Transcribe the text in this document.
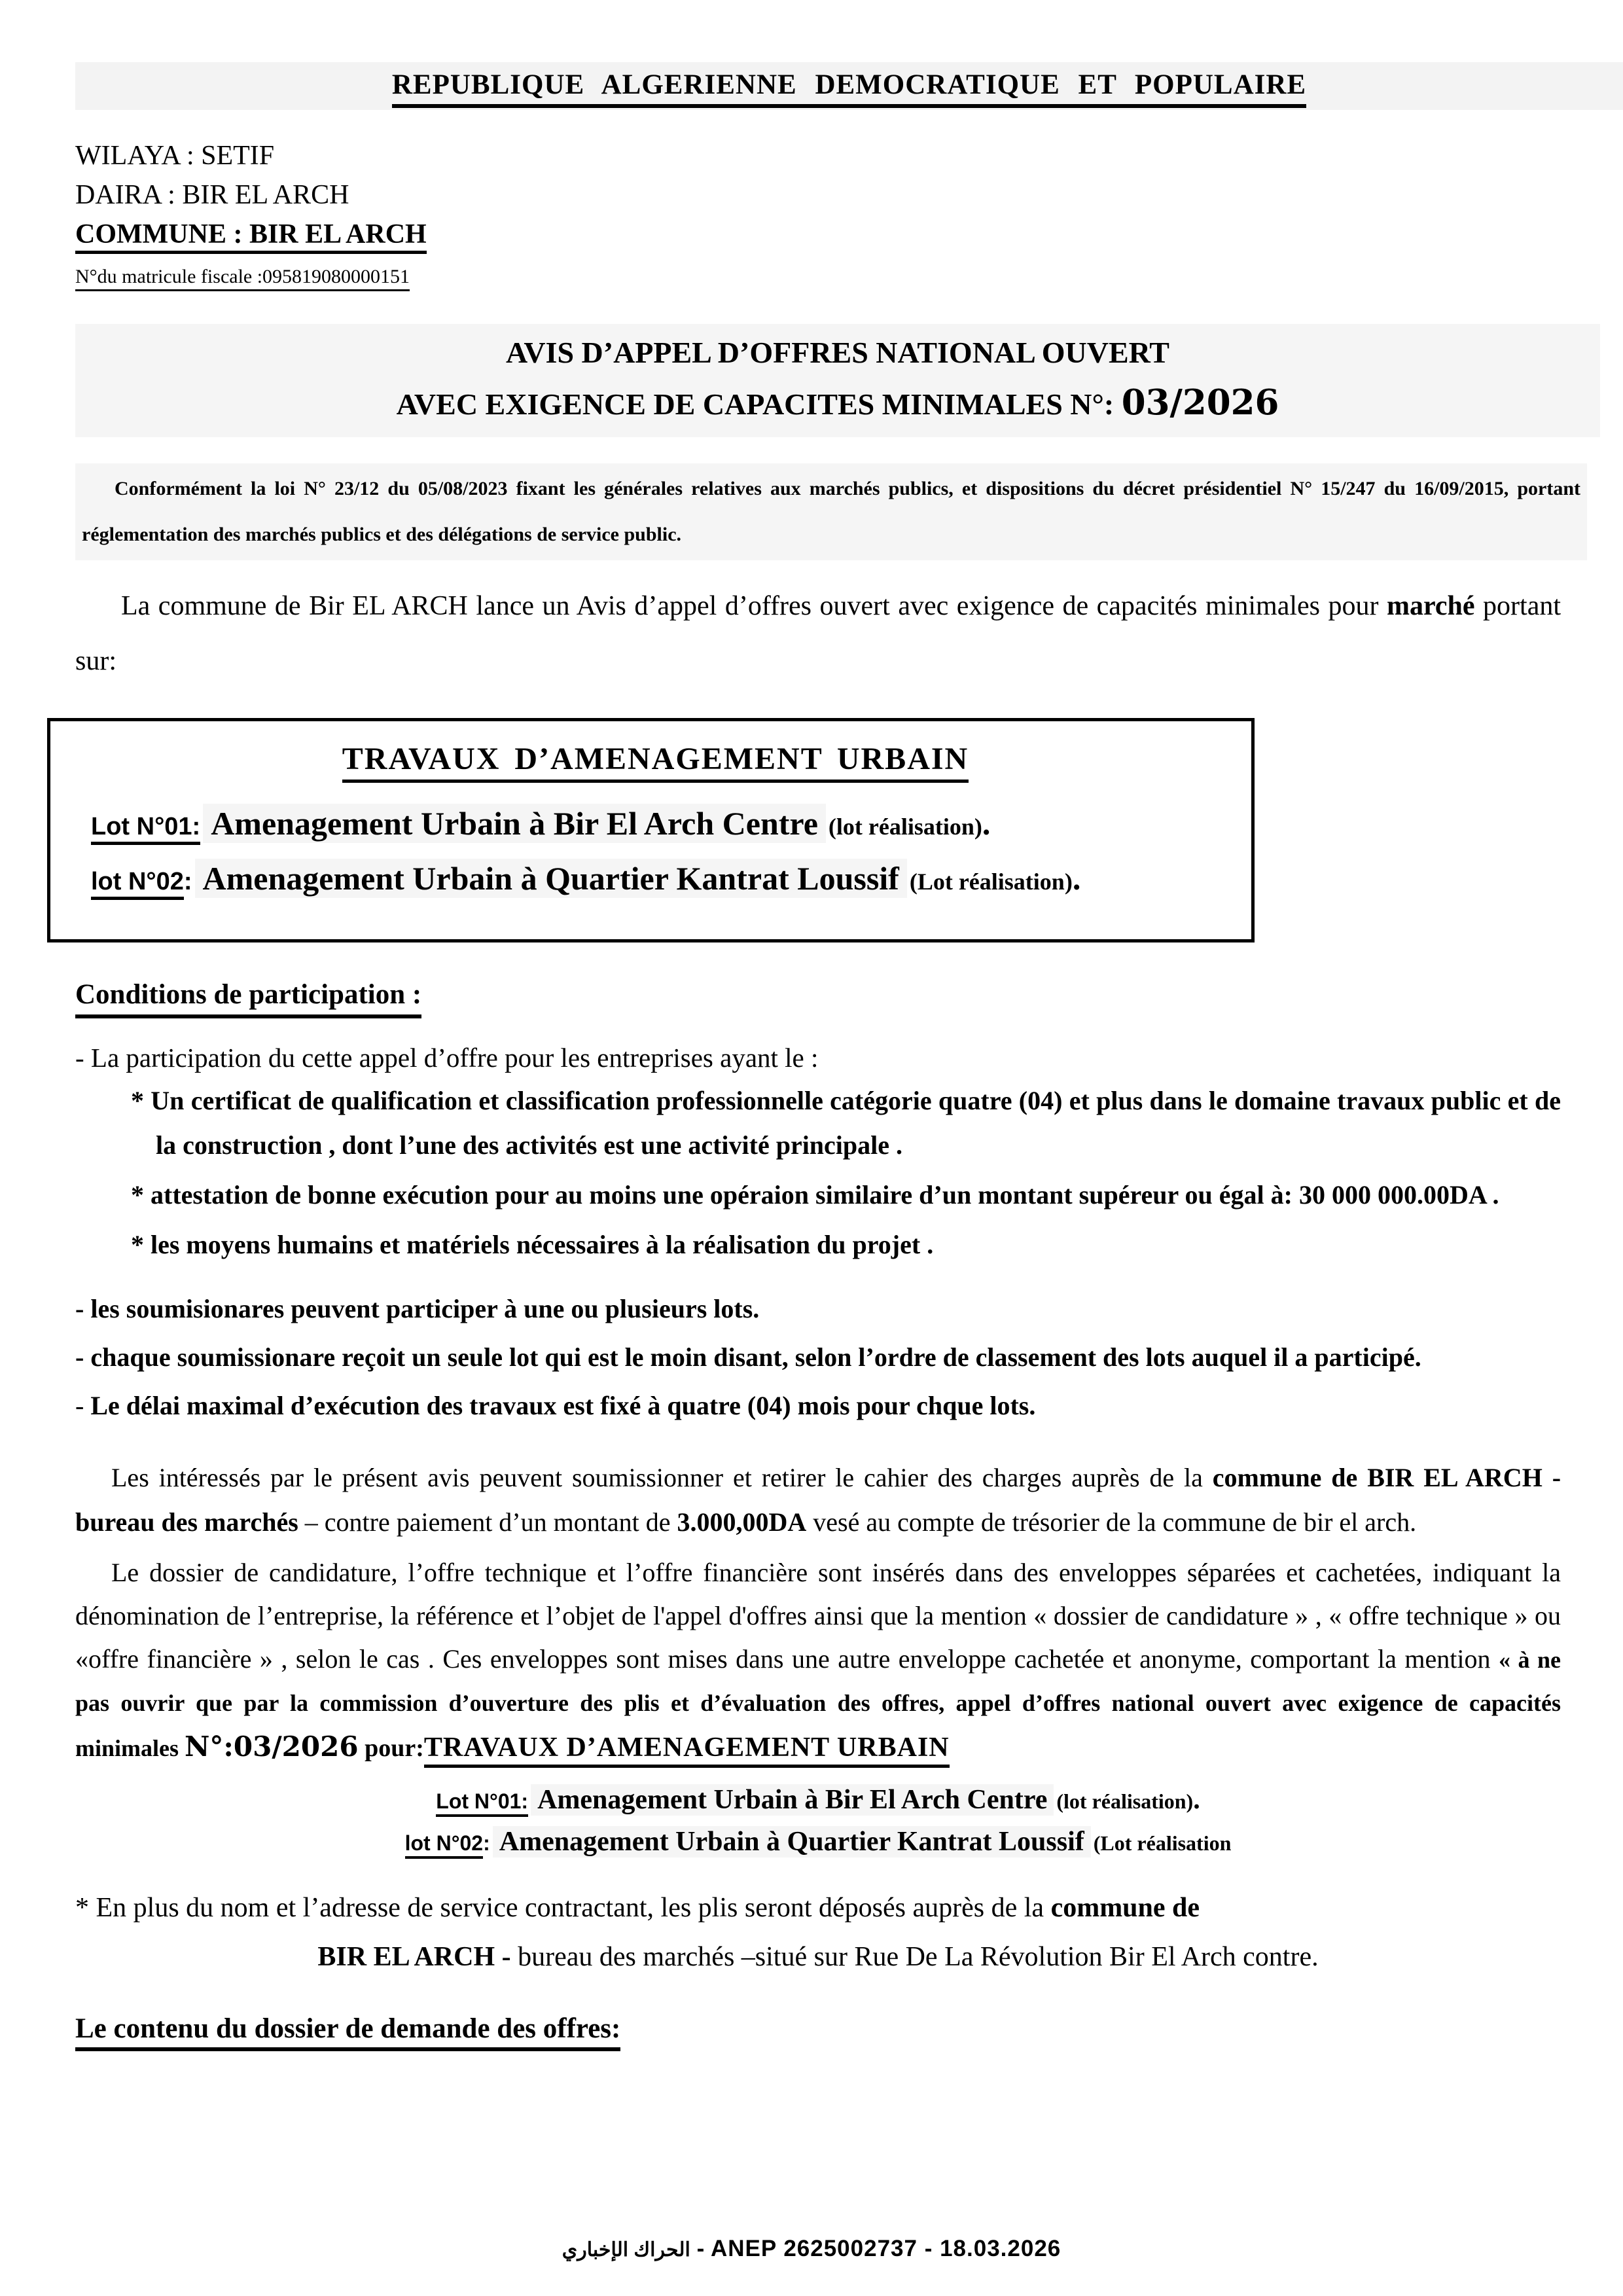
REPUBLIQUE ALGERIENNE DEMOCRATIQUE ET POPULAIRE
WILAYA : SETIF
DAIRA : BIR EL ARCH
COMMUNE : BIR EL ARCH
N°du matricule fiscale :095819080000151
AVIS D’APPEL D’OFFRES NATIONAL OUVERT
AVEC EXIGENCE DE CAPACITES MINIMALES N°: 03/2026
Conformément la loi N° 23/12 du 05/08/2023 fixant les générales relatives aux marchés publics, et dispositions du décret présidentiel N° 15/247 du 16/09/2015, portant réglementation des marchés publics et des délégations de service public.
La commune de Bir EL ARCH lance un Avis d’appel d’offres ouvert avec exigence de capacités minimales pour marché portant sur:
TRAVAUX D’AMENAGEMENT URBAIN
Lot N°01: Amenagement Urbain à Bir El Arch Centre (lot réalisation).
lot N°02: Amenagement Urbain à Quartier Kantrat Loussif (Lot réalisation).
Conditions de participation :
- La participation du cette appel d’offre pour les entreprises ayant le :
* Un certificat de qualification et classification professionnelle catégorie quatre (04) et plus dans le domaine travaux public et de la construction , dont l’une des activités est une activité principale .
* attestation de bonne exécution pour au moins une opéraion similaire d’un montant supéreur ou égal à: 30 000 000.00DA .
* les moyens humains et matériels nécessaires à la réalisation du projet .
- les soumisionares peuvent participer à une ou plusieurs lots.
- chaque soumissionare reçoit un seule lot qui est le moin disant, selon l’ordre de classement des lots auquel il a participé.
- Le délai maximal d’exécution des travaux est fixé à quatre (04) mois pour chque lots.
Les intéressés par le présent avis peuvent soumissionner et retirer le cahier des charges auprès de la commune de BIR EL ARCH - bureau des marchés – contre paiement d’un montant de 3.000,00DA vesé au compte de trésorier de la commune de bir el arch.
Le dossier de candidature, l’offre technique et l’offre financière sont insérés dans des enveloppes séparées et cachetées, indiquant la dénomination de l’entreprise, la référence et l’objet de l'appel d'offres ainsi que la mention « dossier de candidature » , « offre technique » ou «offre financière » , selon le cas . Ces enveloppes sont mises dans une autre enveloppe cachetée et anonyme, comportant la mention « à ne pas ouvrir que par la commission d’ouverture des plis et d’évaluation des offres, appel d’offres national ouvert avec exigence de capacités minimales N°:03/2026 pour:TRAVAUX D’AMENAGEMENT URBAIN
Lot N°01: Amenagement Urbain à Bir El Arch Centre (lot réalisation).
lot N°02: Amenagement Urbain à Quartier Kantrat Loussif (Lot réalisation
* En plus du nom et l’adresse de service contractant, les plis seront déposés auprès de la commune de
BIR EL ARCH - bureau des marchés –situé sur Rue De La Révolution Bir El Arch contre.
Le contenu du dossier de demande des offres:
الحراك الإخباري - ANEP 2625002737 - 18.03.2026
